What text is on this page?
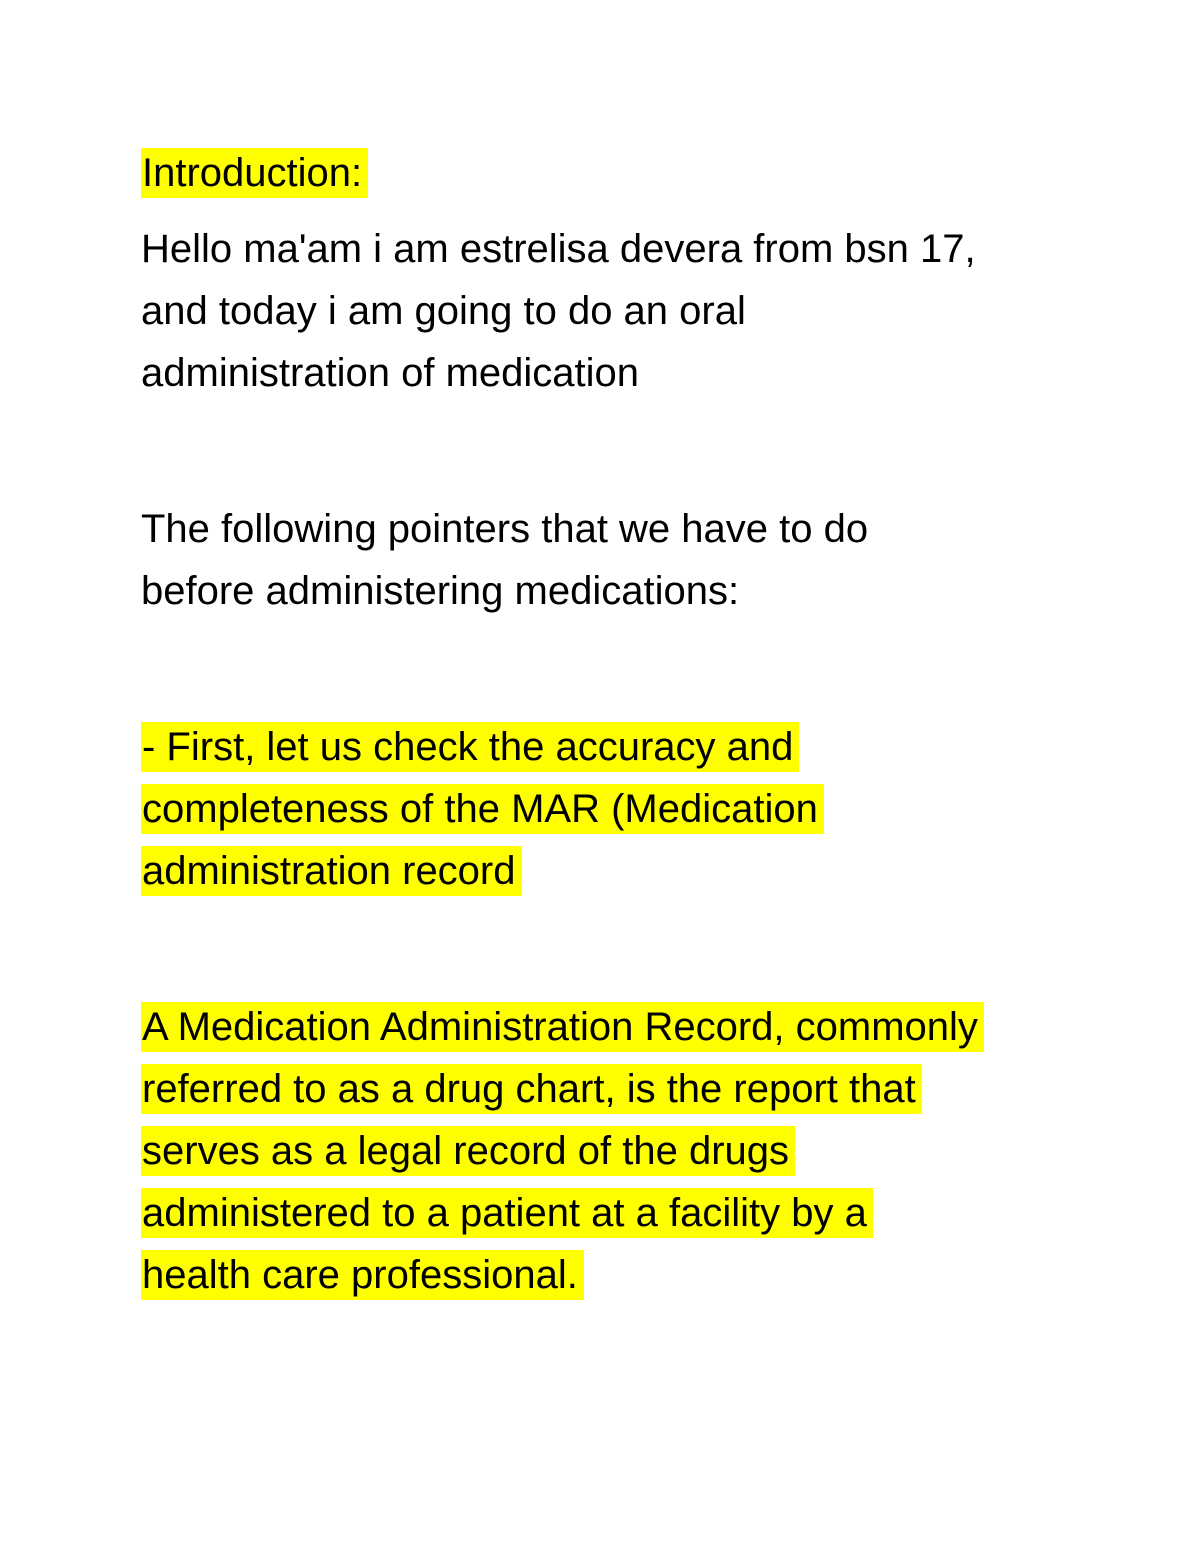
Introduction:
Hello ma'am i am estrelisa devera from bsn 17,
and today i am going to do an oral
administration of medication
The following pointers that we have to do
before administering medications:
- First, let us check the accuracy and
completeness of the MAR (Medication
administration record
A Medication Administration Record, commonly
referred to as a drug chart, is the report that
serves as a legal record of the drugs
administered to a patient at a facility by a
health care professional.
